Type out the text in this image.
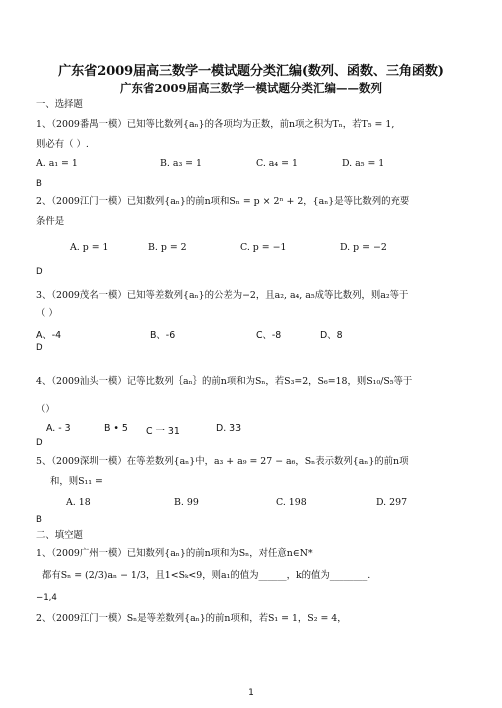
广东省2009届高三数学一模试题分类汇编(数列、函数、三角函数)
广东省2009届高三数学一模试题分类汇编——数列
一、选择题
1、（2009番禺一模）已知等比数列{aₙ}的各项均为正数，前n项之积为Tₙ，若T₅ = 1,
则必有（ ）.
A. a₁ = 1	B. a₃ = 1	C. a₄ = 1	D. a₅ = 1
B
2、（2009江门一模）已知数列{aₙ}的前n项和Sₙ = p × 2ⁿ + 2，{aₙ}是等比数列的充要
条件是
A. p = 1	B. p = 2	C. p = −1	D. p = −2
D
3、（2009茂名一模）已知等差数列{aₙ}的公差为−2，且a₂, a₄, a₅成等比数列，则a₂等于
（ ）
A、-4	B、-6	C、-8	D、8
D
4、（2009汕头一模）记等比数列｛aₙ｝的前n项和为Sₙ，若S₃=2，S₆=18，则S₁₀/S₅等于
（）
A. - 3	B • 5 C 一 31	D. 33
D
5、（2009深圳一模）在等差数列{aₙ}中，a₃ + a₉ = 27 − a₆，Sₙ表示数列{aₙ}的前n项
和，则S₁₁ =
A. 18	B. 99	C. 198	D. 297
B
二、填空题
1、（2009广州一模）已知数列{aₙ}的前n项和为Sₙ，对任意n∈N*
都有Sₙ = (2/3)aₙ − 1/3，且1<Sₖ<9，则a₁的值为______，k的值为________.
−1,4
2、（2009江门一模）Sₙ是等差数列{aₙ}的前n项和，若S₁ = 1，S₂ = 4，
1
